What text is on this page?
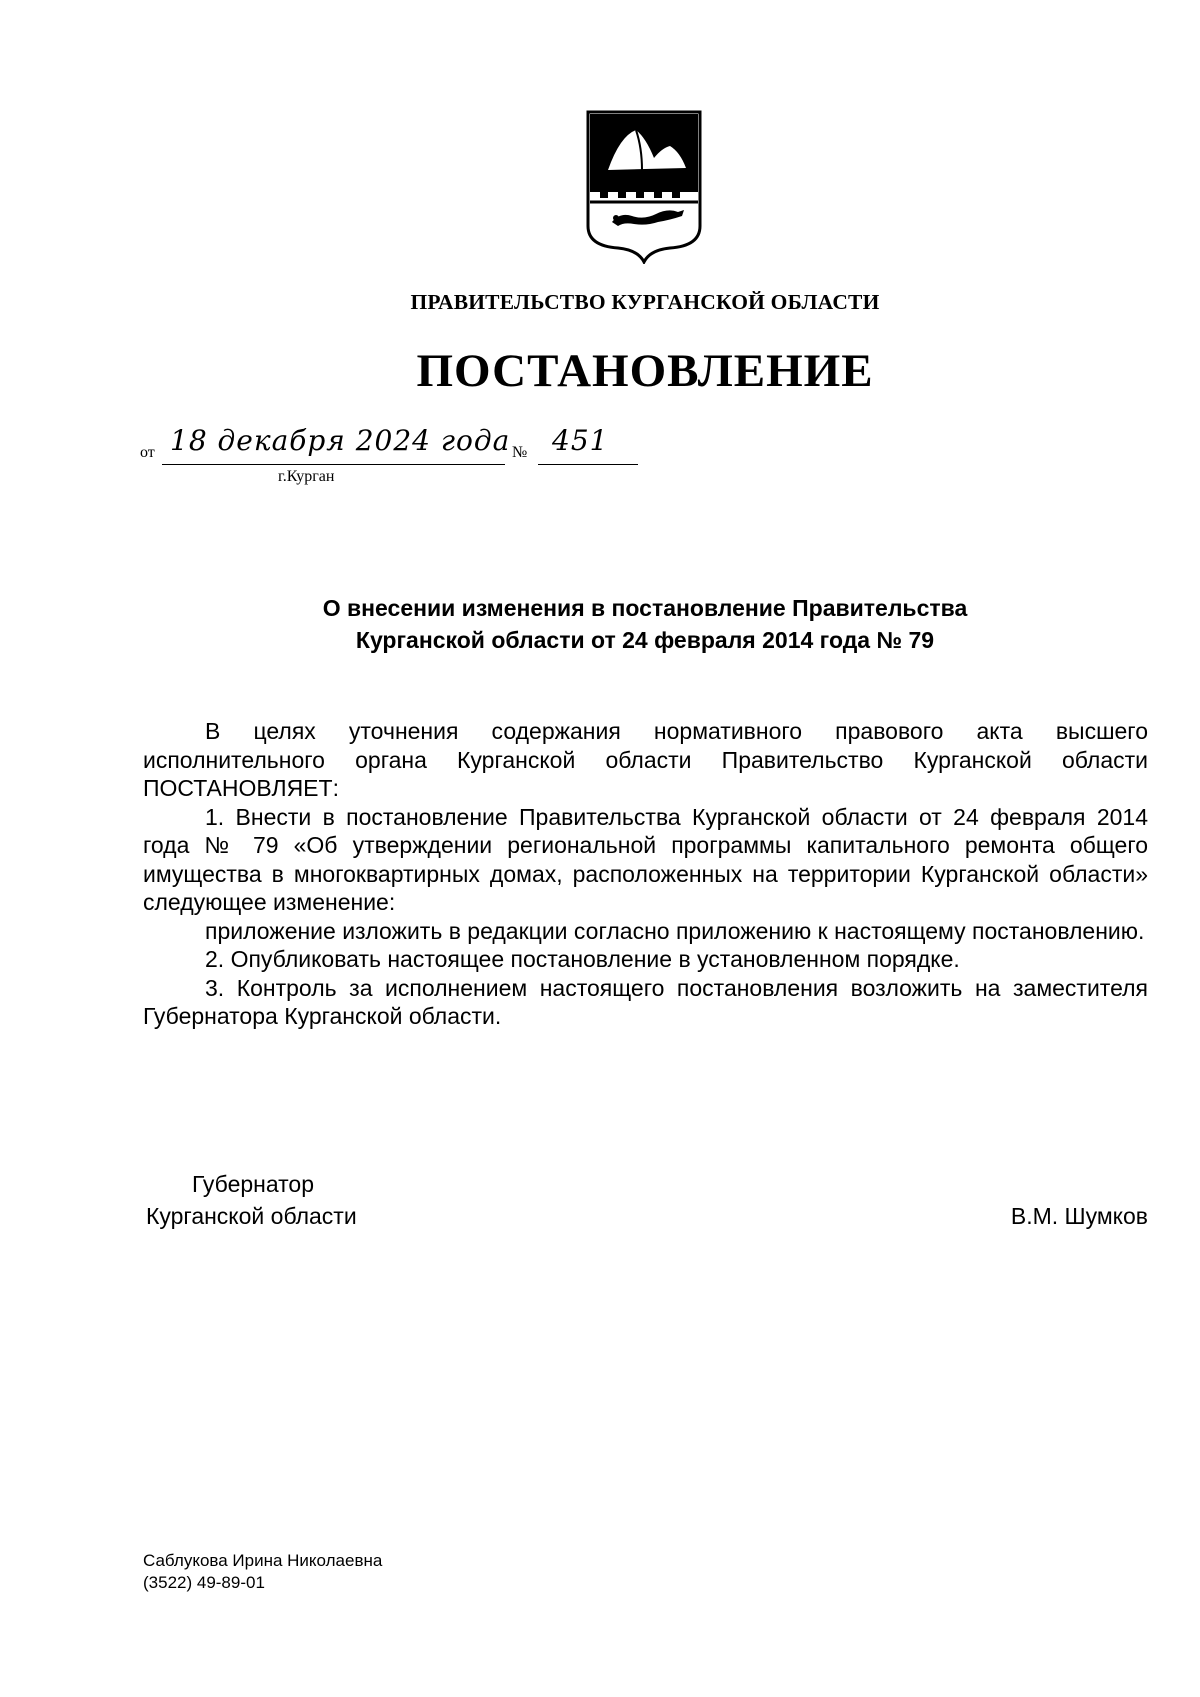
ПРАВИТЕЛЬСТВО КУРГАНСКОЙ ОБЛАСТИ
ПОСТАНОВЛЕНИЕ
от 18 декабря 2024 года № 451
г.Курган
О внесении изменения в постановление Правительства
Курганской области от 24 февраля 2014 года № 79

В целях уточнения содержания нормативного правового акта высшего исполнительного органа Курганской области Правительство Курганской области ПОСТАНОВЛЯЕТ:

1. Внести в постановление Правительства Курганской области от 24 февраля 2014 года № 79 «Об утверждении региональной программы капитального ремонта общего имущества в многоквартирных домах, расположенных на территории Курганской области» следующее изменение:

приложение изложить в редакции согласно приложению к настоящему постановлению.

2. Опубликовать настоящее постановление в установленном порядке.

3. Контроль за исполнением настоящего постановления возложить на заместителя Губернатора Курганской области.

Губернатор
Курганской области	В.М. Шумков
Саблукова Ирина Николаевна
(3522) 49-89-01
